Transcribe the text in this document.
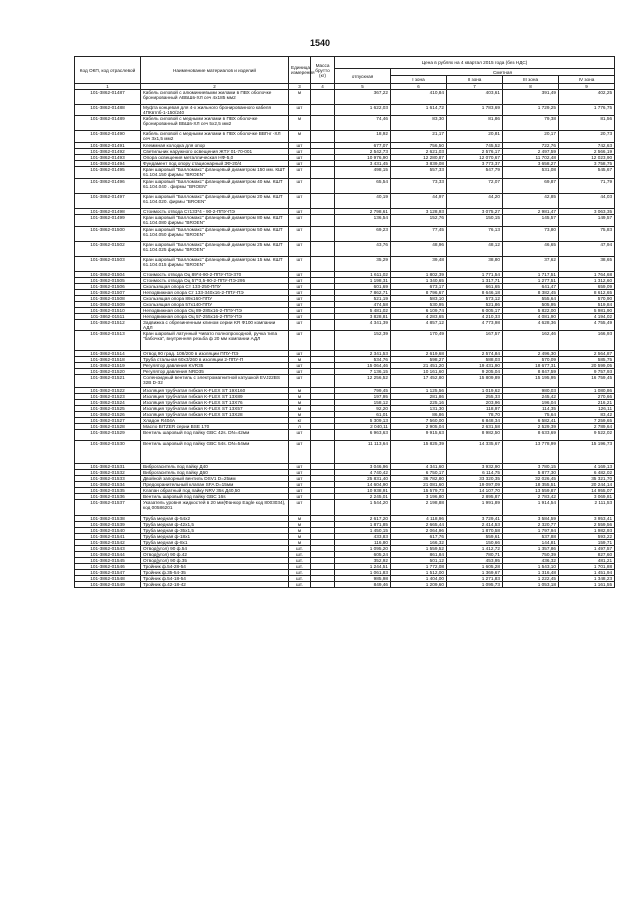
1540
Код ОКП, код отраслевой	Наименование материалов и изделий	Единица измерения	Масса брутто (кг)	Цена в рублях на 4 квартал 2015 года (без НДС)				
				отпускная	Сметная			
					I зона	II зона	III зона	IV зона
1	2	3	4	5	6	7	8	9
101-3862-01487	Кабель силовой с алюминиевыми жилами в ПВХ оболочке бронированный АВБШв-ХЛ сеч 4х185 мм2	м		367,22	410,84	403,61	391,49	402,25
101-3862-01488	Муфта концевая для 4-х жильного бронированного кабеля 4ПКвтпб-1-150/240	шт		1 622,03	1 614,72	1 783,69	1 729,25	1 776,75
101-3862-01489	Кабель силовой с медными жилами в ПВХ оболочке бронированный ВБШв-ХЛ сеч 5х2,5 мм2	м		74,46	83,30	81,86	79,38	81,56
101-3862-01490	Кабель силовой с медными жилами в ПВХ оболочке ВВГнг -ХЛ сеч 3х1,5 мм2	м		18,92	21,17	20,81	20,17	20,73
101-3862-01491	Клеммная колодка для опор	шт		677,07	756,50	745,52	722,76	742,63
101-3862-01492	Светильник наружного освещения ЖТУ 01-70-001	шт		2 542,73	2 621,03	2 576,17	2 497,59	2 566,19
101-3862-01493	Опора освещения металлическая НФ-5,0	шт		10 976,90	12 280,87	12 070,67	11 702,48	12 023,90
101-3862-01494	Фундамент под опору стационарный ЗФ-20/4	шт		3 431,45	3 839,08	3 773,37	3 658,27	3 758,75
101-3862-01495	Кран шаровый "Балломакс" фланцевый диаметром 150 мм. КШТ 61.104.150 фирмы "BROEN"	шт		498,15	557,33	547,79	531,08	545,67
101-3862-01496	Кран шаровый "Балломакс" фланцевый диаметром 40 мм. КШТ 61.104.040 . фирмы "BROEN"	шт		65,54	73,33	72,07	69,87	71,79
101-3862-01497	Кран шаровый "Балломакс" фланцевый диаметром 20 мм. КШТ 61.104.020. фирмы "BROEN"	шт		40,19	44,97	44,20	42,85	44,03
101-3862-01498	Стоимость отвода Ст133*4 - 90-2-ППУ-ПЭ	шт		2 798,61	3 128,93	3 075,27	2 981,47	3 063,35
101-3862-01499	Кран шаровый "Балломакс" фланцевый диаметром 80 мм. КШТ 61.104.080 фирмы "BROEN"	шт		136,54	152,76	150,15	145,57	149,57
101-3862-01500	Кран шаровый "Балломакс" фланцевый диаметром 50 мм. КШТ 61.104.050 фирмы "BROEN"	шт		69,23	77,45	76,13	73,80	75,83
101-3862-01502	Кран шаровый "Балломакс" фланцевый диаметром 25 мм. КШТ 61.104.025 фирмы "BROEN"	шт		43,76	48,96	48,12	46,65	47,94
101-3862-01503	Кран шаровый "Балломакс" фланцевый диаметром 15 мм. КШТ 61.104.015 фирмы "BROEN"	шт		35,29	39,48	38,80	37,62	38,65
101-3862-01504	Стоимость отвода Оц 89*4-90-2-ППУ-ПЭ-370	шт		1 611,02	1 802,39	1 771,54	1 717,51	1 764,68
101-3862-01505	Стоимость отвода Оц 57*3,5-90-2-ППУ-ПЭ-295	шт		1 198,31	1 340,65	1 317,71	1 277,51	1 312,60
101-3862-01506	Скользящая опора Ст 133-250-ППУ	шт		601,69	673,17	661,65	641,47	659,09
101-3862-01507	Неподвижная опора Ст 133-340х16-2-ППУ-ПЭ	шт		7 862,71	8 796,67	8 646,18	8 382,45	8 612,65
101-3862-01508	Скользящая опора 89х160-ППУ	шт		521,19	583,10	573,12	555,64	570,90
101-3862-01509	Скользящая опора 57х140-ППУ	шт		474,58	530,95	521,86	505,95	519,84
101-3862-01510	Неподвижная опора Оц 89-285х16-2-ППУ-ПЭ	шт		5 481,02	6 109,74	6 005,17	5 822,00	5 981,90
101-3862-01511	Неподвижная опора Оц 57-255х16-2-ППУ-ПЭ	шт		3 828,81	4 283,65	4 210,33	4 081,90	4 194,02
101-3862-01512	Задвижка с обрезиненным клином серии KR Ф100 компании АДЛ	шт		4 341,39	4 857,12	4 773,98	4 628,36	4 755,49
101-3862-01513	Кран шаровый латунный Чивато полнопроходной, ручка типа "бабочка", внутренняя резьба ф 20 мм компании АДЛ	шт		152,39	170,49	167,57	162,46	166,93
101-3862-01514	Отвод 90 град. 108/200 в изоляции ППУ-ПЭ	шт		2 341,53	2 619,68	2 574,84	2 496,30	2 564,87
101-3862-01518	Труба стальная 60х3/260 в изоляции 2-ППУ-П	м		534,76	598,27	588,03	570,09	585,75
101-3862-01519	Регулятор давления KVR35	шт		15 064,46	21 451,20	19 431,90	18 677,31	20 599,05
101-3862-01520	Регулятор давления NRD35	шт		7 136,15	10 161,60	9 205,04	8 847,59	9 757,93
101-3862-01521	Соленоидный вентиль с электромагнитной катушкой EVJ22BS 32B D-32	шт		12 256,52	17 452,80	15 809,89	15 195,95	16 759,45
101-3862-01522	Изоляция трубчатая гибкая K-FLEX ST 19Х160	м		799,45	1 125,56	1 019,62	980,03	1 080,86
101-3862-01523	Изоляция трубчатая гибкая K-FLEX ST 13Х89	м		197,95	281,86	255,33	245,42	270,66
101-3862-01524	Изоляция трубчатая гибкая K-FLEX ST 13Х76	м		158,12	225,16	203,96	196,04	216,21
101-3862-01525	Изоляция трубчатая гибкая K-FLEX ST 13Х57	м		92,20	131,30	118,97	114,35	126,11
101-3862-01526	Изоляция трубчатая гибкая K-FLEX ST 13Х28	м		61,01	86,86	78,70	75,64	83,42
101-3862-01527	Хладон R404A	кг		5 309,13	7 560,00	6 848,34	6 582,41	7 259,65
101-3862-01528	Масло BITZER серии BSE 170	л		2 040,11	2 905,04	2 631,58	2 529,39	2 789,64
101-3862-01529	Вентиль шаровый под пайку GBC 42s. DN=42мм	шт		6 963,63	9 915,63	8 982,50	8 633,69	9 522,02
101-3862-01530	Вентиль шаровый под пайку GBC 54s. DN=54мм	шт		11 113,64	15 825,39	14 335,67	13 778,99	15 196,73
101-3862-01531	Виброгаситель под пайку Д40	шт		3 046,96	4 341,60	3 932,90	3 780,15	4 169,13
101-3862-01532	Виброгаситель под пайку Д60	шт		4 740,42	6 750,17	6 114,75	5 877,30	6 482,02
101-3862-01533	Двойной запорный вентиль DSV1 D=25мм	шт		25 831,40	36 782,80	33 320,35	32 026,45	35 321,70
101-3862-01534	Предохранительный клапан SFA D=15мм	шт		14 604,90	21 081,60	19 097,09	18 355,51	20 244,14
101-3862-01535	Клапан обратный под пайку NRV 35s Д40,50	шт		10 938,91	15 579,73	14 107,70	13 559,87	14 955,07
101-3862-01536	Вентиль шаровый под пайку GBC 16s	шт		2 245,01	3 196,80	2 895,87	2 783,42	3 069,81
101-3862-01537	Указатель уровня жидкостей в 20 мм(Фанкор Eagle код 8003034), код 00586201	шт		1 544,20	2 198,88	1 991,89	1 914,54	2 111,53
101-3862-01538	Труба медная ф-54х2	м		2 617,20	4 118,96	3 729,41	3 584,59	3 953,41
101-3862-01539	Труба медная ф-42х1,5	м		1 871,85	2 665,44	2 414,53	2 320,77	2 559,56
101-3862-01540	Труба медная ф-35х1,5	м		1 450,15	2 064,96	1 870,58	1 797,94	1 982,93
101-3862-01541	Труба медная ф-18х1	м		433,83	617,76	559,61	537,88	593,22
101-3862-01542	Труба медная ф-8х1	м		116,80	166,32	150,66	144,81	159,71
101-3862-01543	Отвод(угол) 90 ф.54	шт.		1 095,20	1 559,52	1 412,72	1 357,86	1 497,57
101-3862-01544	Отвод(угол) 90 ф.42	шт.		605,24	861,84	780,71	750,39	827,60
101-3862-01545	Отвод(угол) 90 ф.35	шт.		352,92	501,12	453,95	436,32	481,21
101-3862-01546	Тройник ф.54-28-54	шт.		1 244,51	1 772,08	1 605,28	1 543,10	1 701,88
101-3862-01547	Тройник ф.35-54-35	шт.		1 061,83	1 512,00	1 369,67	1 316,48	1 451,94
101-3862-01548	Тройник ф.54-18-54	шт.		985,98	1 404,00	1 271,83	1 222,45	1 348,23
101-3862-01549	Тройник ф.42-18-42	шт.		849,46	1 209,60	1 095,73	1 053,18	1 161,55
